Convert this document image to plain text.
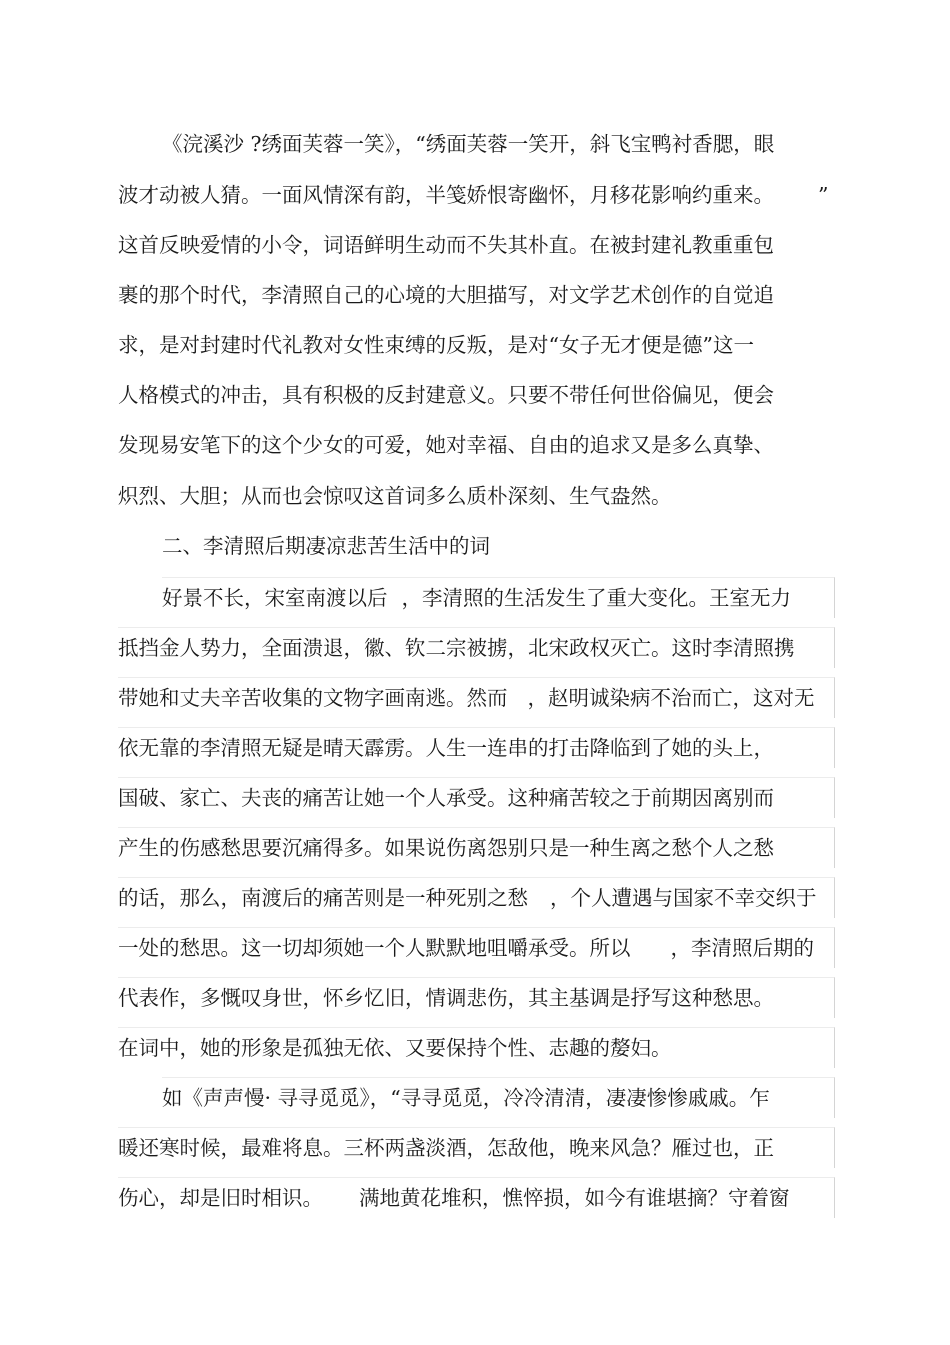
《浣溪沙 ?绣面芙蓉一笑》，“绣面芙蓉一笑开，斜飞宝鸭衬香腮，眼
波才动被人猜。一面风情深有韵，半笺娇恨寄幽怀，月移花影响约重来。 ”
这首反映爱情的小令，词语鲜明生动而不失其朴直。在被封建礼教重重包
裹的那个时代，李清照自己的心境的大胆描写，对文学艺术创作的自觉追
求，是对封建时代礼教对女性束缚的反叛，是对“女子无才便是德”这一
人格模式的冲击，具有积极的反封建意义。只要不带任何世俗偏见，便会
发现易安笔下的这个少女的可爱，她对幸福、自由的追求又是多么真挚、
炽烈、大胆；从而也会惊叹这首词多么质朴深刻、生气盎然。
二、李清照后期凄凉悲苦生活中的词
好景不长，宋室南渡以后 ，李清照的生活发生了重大变化。王室无力
抵挡金人势力，全面溃退，徽、钦二宗被掳，北宋政权灭亡。这时李清照携
带她和丈夫辛苦收集的文物字画南逃。然而 ，赵明诚染病不治而亡，这对无
依无靠的李清照无疑是晴天霹雳。人生一连串的打击降临到了她的头上，
国破、家亡、夫丧的痛苦让她一个人承受。这种痛苦较之于前期因离别而
产生的伤感愁思要沉痛得多。如果说伤离怨别只是一种生离之愁个人之愁
的话，那么，南渡后的痛苦则是一种死别之愁 ，个人遭遇与国家不幸交织于
一处的愁思。这一切却须她一个人默默地咀嚼承受。所以 ，李清照后期的
代表作，多慨叹身世，怀乡忆旧，情调悲伤，其主基调是抒写这种愁思。
在词中，她的形象是孤独无依、又要保持个性、志趣的嫠妇。
如《声声慢· 寻寻觅觅》，“寻寻觅觅，冷冷清清，凄凄惨惨戚戚。乍
暖还寒时候，最难将息。三杯两盏淡酒，怎敌他，晚来风急？雁过也，正
伤心，却是旧时相识。 满地黄花堆积，憔悴损，如今有谁堪摘？守着窗
